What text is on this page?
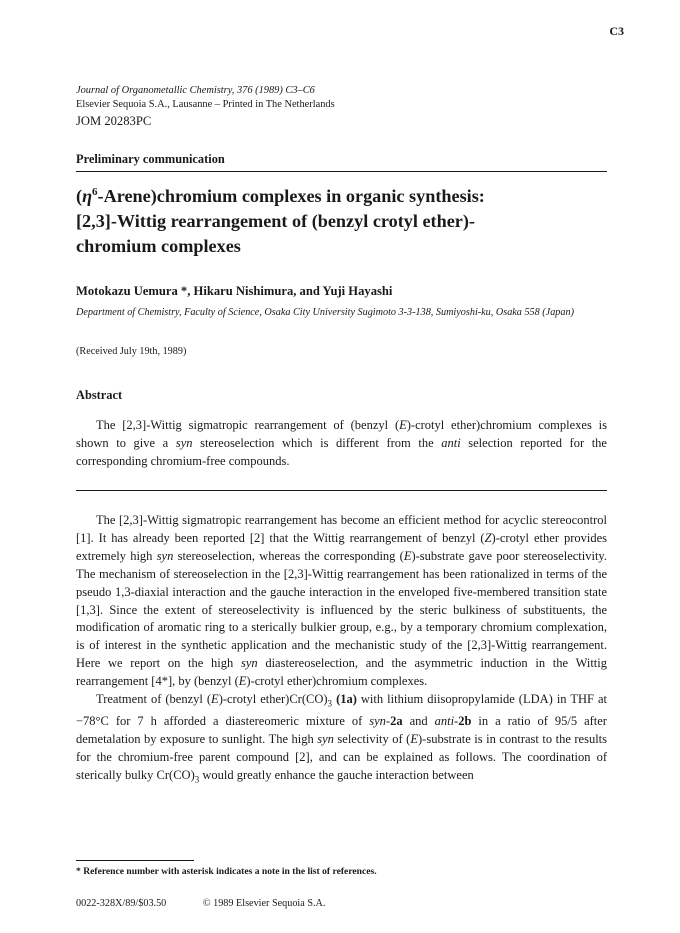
C3
Journal of Organometallic Chemistry, 376 (1989) C3–C6
Elsevier Sequoia S.A., Lausanne – Printed in The Netherlands
JOM 20283PC
Preliminary communication
$(\eta^6-Arene)chromium$ complexes in organic synthesis:
[2,3]-Wittig rearrangement of (benzyl crotyl ether)-
chromium complexes
Motokazu Uemura *, Hikaru Nishimura, and Yuji Hayashi
Department of Chemistry, Faculty of Science, Osaka City University Sugimoto 3-3-138, Sumiyoshi-ku, Osaka 558 (Japan)
(Received July 19th, 1989)
Abstract

The [2,3]-Wittig sigmatropic rearrangement of (benzyl (E)-crotyl ether)chromium complexes is shown to give a syn stereoselection which is different from the anti selection reported for the corresponding chromium-free compounds.

The [2,3]-Wittig sigmatropic rearrangement has become an efficient method for acyclic stereocontrol [1]. It has already been reported [2] that the Wittig rearrangement of benzyl (Z)-crotyl ether provides extremely high syn stereoselection, whereas the corresponding (E)-substrate gave poor stereoselectivity. The mechanism of stereoselection in the [2,3]-Wittig rearrangement has been rationalized in terms of the pseudo 1,3-diaxial interaction and the gauche interaction in the enveloped five-membered transition state [1,3]. Since the extent of stereoselectivity is influenced by the steric bulkiness of substituents, the modification of aromatic ring to a sterically bulkier group, e.g., by a temporary chromium complexation, is of interest in the synthetic application and the mechanistic study of the [2,3]-Wittig rearrangement. Here we report on the high syn diastereoselection, and the asymmetric induction in the Wittig rearrangement [4*], by (benzyl (E)-crotyl ether)chromium complexes.

Treatment of (benzyl (E)-crotyl $ether)Cr(CO)_3$ (1a) with lithium diisopropylamide (LDA) in THF at −78°C for 7 h afforded a diastereomeric mixture of syn-2a and anti-2b in a ratio of 95/5 after demetalation by exposure to sunlight. The high syn selectivity of (E)-substrate is in contrast to the results for the chromium-free parent compound [2], and can be explained as follows. The coordination of sterically bulky $Cr(CO)_3$ would greatly enhance the gauche interaction between

* Reference number with asterisk indicates a note in the list of references.
0022-328X/89/$03.50	© 1989 Elsevier Sequoia S.A.
